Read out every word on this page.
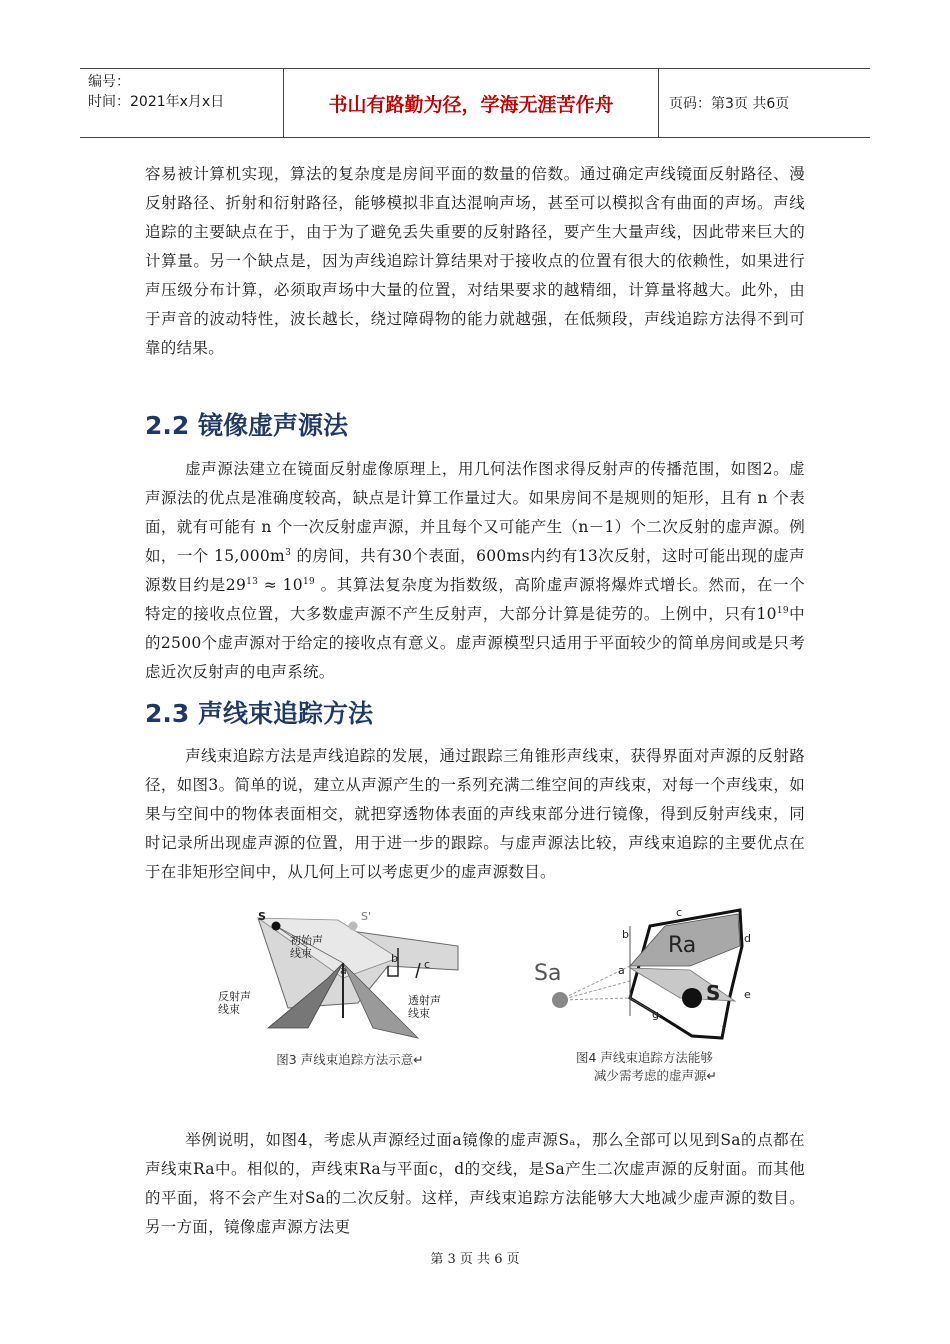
编号：
时间：2021年x月x日	书山有路勤为径，学海无涯苦作舟	页码：第3页 共6页

容易被计算机实现，算法的复杂度是房间平面的数量的倍数。通过确定声线镜面反射路径、漫反射路径、折射和衍射路径，能够模拟非直达混响声场，甚至可以模拟含有曲面的声场。声线追踪的主要缺点在于，由于为了避免丢失重要的反射路径，要产生大量声线，因此带来巨大的计算量。另一个缺点是，因为声线追踪计算结果对于接收点的位置有很大的依赖性，如果进行声压级分布计算，必须取声场中大量的位置，对结果要求的越精细，计算量将越大。此外，由于声音的波动特性，波长越长，绕过障碍物的能力就越强，在低频段，声线追踪方法得不到可靠的结果。

2.2 镜像虚声源法

虚声源法建立在镜面反射虚像原理上，用几何法作图求得反射声的传播范围，如图2。虚声源法的优点是准确度较高，缺点是计算工作量过大。如果房间不是规则的矩形，且有 n 个表面，就有可能有 n 个一次反射虚声源，并且每个又可能产生（n－1）个二次反射的虚声源。例如，一个 $15,000m^3$ 的房间，共有30个表面，600ms内约有13次反射，这时可能出现的虚声源数目约是$29^{13} \approx 10^{19}$ 。其算法复杂度为指数级，高阶虚声源将爆炸式增长。然而，在一个特定的接收点位置，大多数虚声源不产生反射声，大部分计算是徒劳的。上例中，只有$10^{19}$中的2500个虚声源对于给定的接收点有意义。虚声源模型只适用于平面较少的简单房间或是只考虑近次反射声的电声系统。

2.3 声线束追踪方法

声线束追踪方法是声线追踪的发展，通过跟踪三角锥形声线束，获得界面对声源的反射路径，如图3。简单的说，建立从声源产生的一系列充满二维空间的声线束，对每一个声线束，如果与空间中的物体表面相交，就把穿透物体表面的声线束部分进行镜像，得到反射声线束，同时记录所出现虚声源的位置，用于进一步的跟踪。与虚声源法比较，声线束追踪的主要优点在于在非矩形空间中，从几何上可以考虑更少的虚声源数目。

S	S'
初始声
线束
a
b c
反射声
线束
透射声
线束
图3 声线束追踪方法示意↵
Sa
Ra
S
a
b
c
d
e
f
g
图4 声线束追踪方法能够
减少需考虑的虚声源↵

举例说明，如图4，考虑从声源经过面a镜像的虚声源Sₐ，那么全部可以见到Sa的点都在声线束Ra中。相似的，声线束Ra与平面c，d的交线，是Sa产生二次虚声源的反射面。而其他的平面，将不会产生对Sa的二次反射。这样，声线束追踪方法能够大大地减少虚声源的数目。另一方面，镜像虚声源方法更

第 3 页 共 6 页
